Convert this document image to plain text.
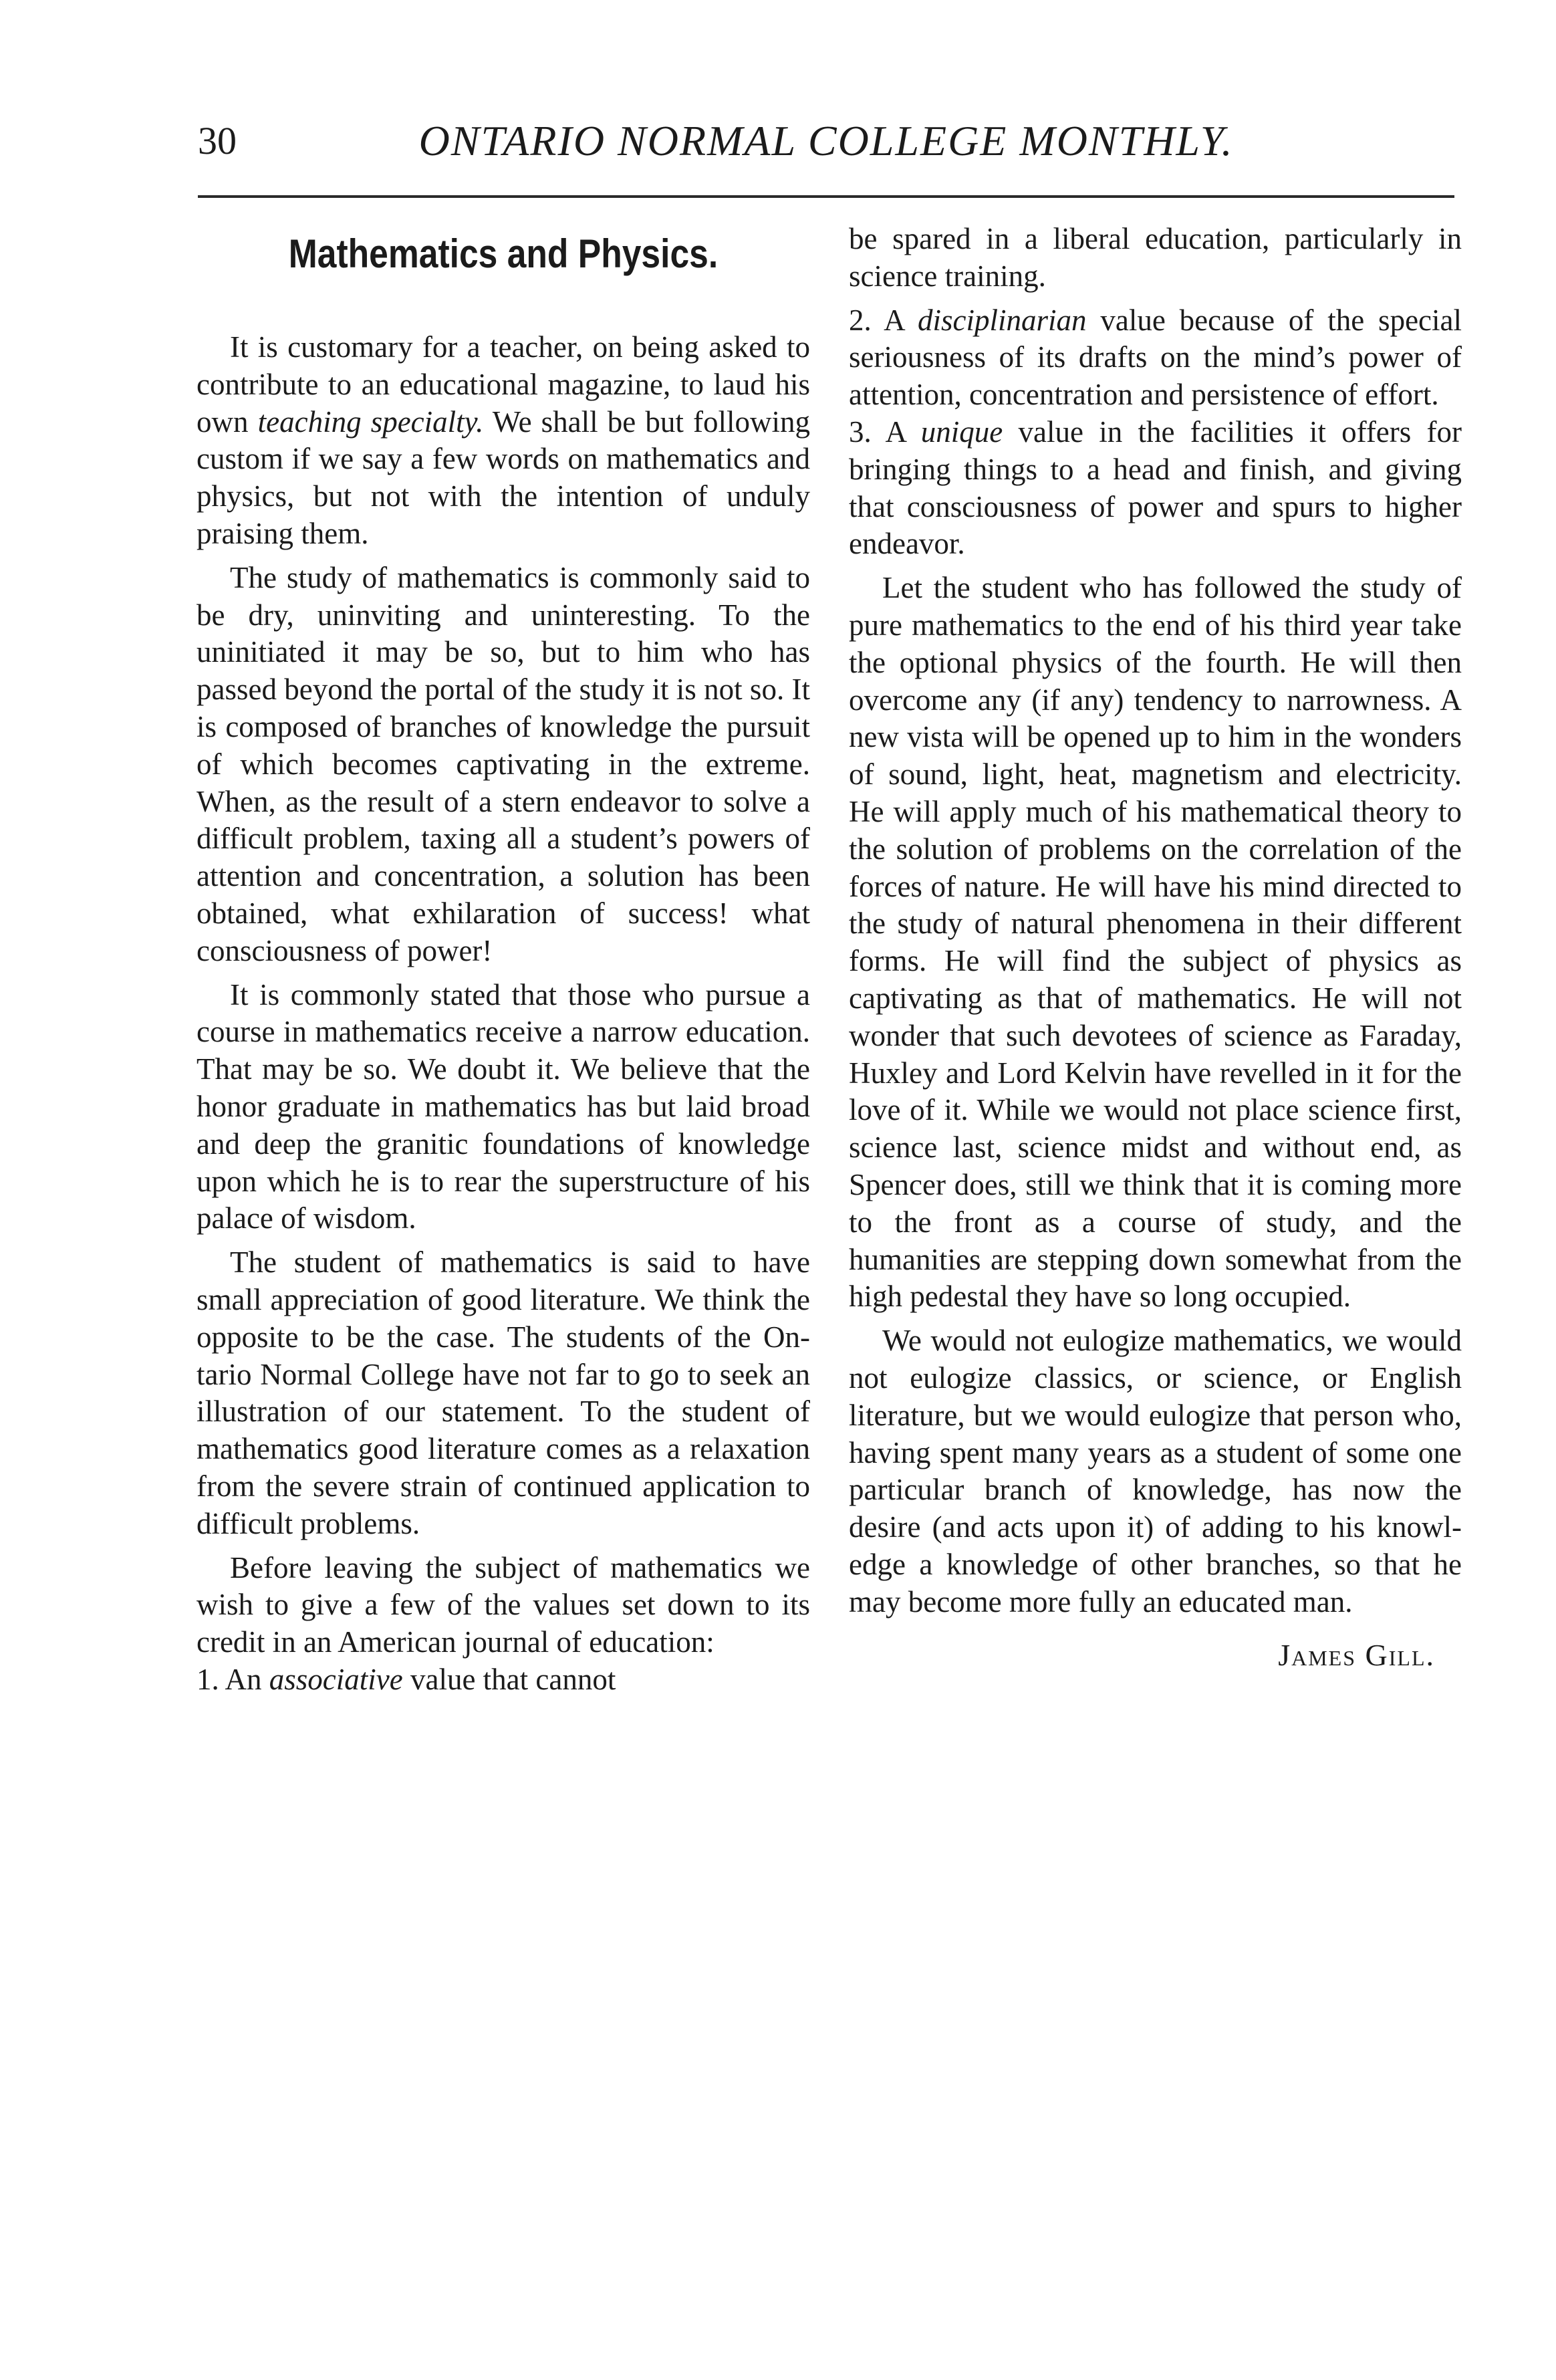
30	ONTARIO NORMAL COLLEGE MONTHLY.
Mathematics and Physics.

It is customary for a teacher, on being asked to contribute to an educational magazine, to laud his own teaching specialty. We shall be but following custom if we say a few words on mathematics and physics, but not with the intention of unduly praising them.

The study of mathematics is commonly said to be dry, uninviting and uninteresting. To the uninitiated it may be so, but to him who has passed beyond the portal of the study it is not so. It is composed of branches of knowledge the pursuit of which becomes captivating in the extreme. When, as the result of a stern endeavor to solve a difficult problem, taxing all a student’s powers of attention and concentration, a solution has been obtained, what exhilaration of success! what consciousness of power!

It is commonly stated that those who pursue a course in mathematics receive a narrow education. That may be so. We doubt it. We believe that the honor graduate in mathematics has but laid broad and deep the granitic foundations of knowledge upon which he is to rear the superstructure of his palace of wisdom.

The student of mathematics is said to have small appreciation of good literature. We think the opposite to be the case. The students of the Ontario Normal College have not far to go to seek an illustration of our statement. To the student of mathematics good literature comes as a relaxation from the severe strain of continued application to difficult problems.

Before leaving the subject of mathematics we wish to give a few of the values set down to its credit in an American journal of education:

1. An associative value that cannot

be spared in a liberal education, particularly in science training.

2. A disciplinarian value because of the special seriousness of its drafts on the mind’s power of attention, concentration and persistence of effort.

3. A unique value in the facilities it offers for bringing things to a head and finish, and giving that consciousness of power and spurs to higher endeavor.

Let the student who has followed the study of pure mathematics to the end of his third year take the optional physics of the fourth. He will then overcome any (if any) tendency to narrowness. A new vista will be opened up to him in the wonders of sound, light, heat, magnetism and electricity. He will apply much of his mathematical theory to the solution of problems on the correlation of the forces of nature. He will have his mind directed to the study of natural phenomena in their different forms. He will find the subject of physics as captivating as that of mathematics. He will not wonder that such devotees of science as Faraday, Huxley and Lord Kelvin have revelled in it for the love of it. While we would not place science first, science last, science midst and without end, as Spencer does, still we think that it is coming more to the front as a course of study, and the humanities are stepping down somewhat from the high pedestal they have so long occupied.

We would not eulogize mathematics, we would not eulogize classics, or science, or English literature, but we would eulogize that person who, having spent many years as a student of some one particular branch of knowledge, has now the desire (and acts upon it) of adding to his knowledge a knowledge of other branches, so that he may become more fully an educated man.

James Gill.
